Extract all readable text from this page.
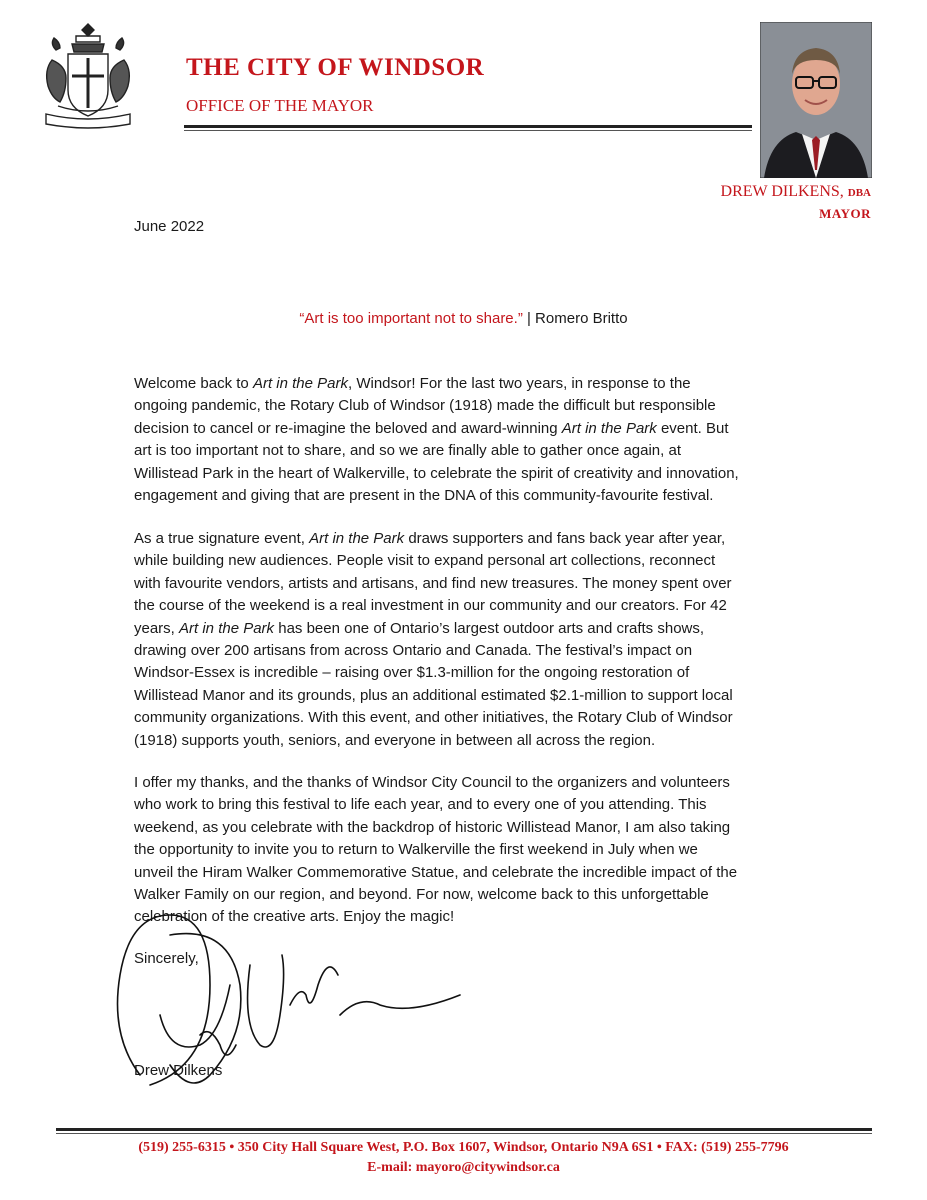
THE CITY OF WINDSOR
OFFICE OF THE MAYOR
DREW DILKENS, DBA
MAYOR
June 2022
“Art is too important not to share.” | Romero Britto
Welcome back to Art in the Park, Windsor! For the last two years, in response to the
ongoing pandemic, the Rotary Club of Windsor (1918) made the difficult but responsible
decision to cancel or re-imagine the beloved and award-winning Art in the Park event. But
art is too important not to share, and so we are finally able to gather once again, at
Willistead Park in the heart of Walkerville, to celebrate the spirit of creativity and innovation,
engagement and giving that are present in the DNA of this community-favourite festival.
As a true signature event, Art in the Park draws supporters and fans back year after year,
while building new audiences. People visit to expand personal art collections, reconnect
with favourite vendors, artists and artisans, and find new treasures. The money spent over
the course of the weekend is a real investment in our community and our creators. For 42
years, Art in the Park has been one of Ontario’s largest outdoor arts and crafts shows,
drawing over 200 artisans from across Ontario and Canada. The festival’s impact on
Windsor-Essex is incredible – raising over $1.3-million for the ongoing restoration of
Willistead Manor and its grounds, plus an additional estimated $2.1-million to support local
community organizations. With this event, and other initiatives, the Rotary Club of Windsor
(1918) supports youth, seniors, and everyone in between all across the region.
I offer my thanks, and the thanks of Windsor City Council to the organizers and volunteers
who work to bring this festival to life each year, and to every one of you attending. This
weekend, as you celebrate with the backdrop of historic Willistead Manor, I am also taking
the opportunity to invite you to return to Walkerville the first weekend in July when we
unveil the Hiram Walker Commemorative Statue, and celebrate the incredible impact of the
Walker Family on our region, and beyond. For now, welcome back to this unforgettable
celebration of the creative arts. Enjoy the magic!
Sincerely,
Drew Dilkens
(519) 255-6315 • 350 City Hall Square West, P.O. Box 1607, Windsor, Ontario N9A 6S1 • FAX: (519) 255-7796
E-mail: mayoro@citywindsor.ca
